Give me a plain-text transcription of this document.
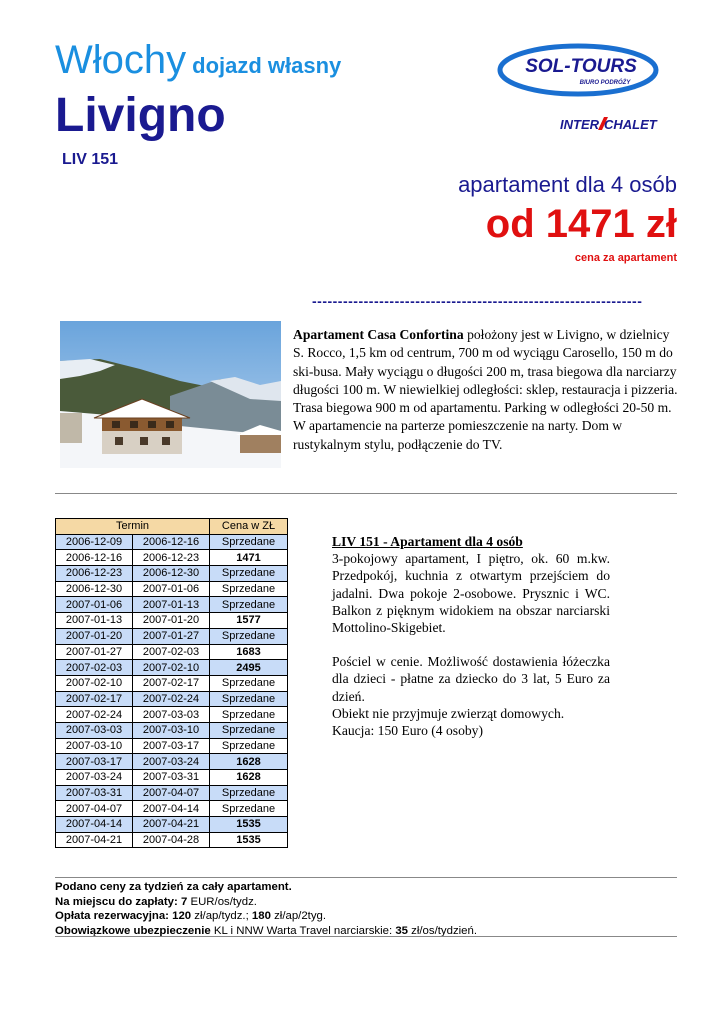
Włochy dojazd własny
Livigno
LIV 151
SOL-TOURS
BIURO PODRÓŻY
INTER CHALET
apartament dla 4 osób
od 1471 zł
cena za apartament
----------------------------------------------------------------
Apartament Casa Confortina położony jest w Livigno, w dzielnicy S. Rocco, 1,5 km od centrum, 700 m od wyciągu Carosello, 150 m do ski-busa. Mały wyciągu o długości 200 m, trasa biegowa dla narciarzy długości 100 m. W niewielkiej odległości: sklep, restauracja i pizzeria. Trasa biegowa 900 m od apartamentu. Parking w odległości 20-50 m. W apartamencie na parterze pomieszczenie na narty. Dom w rustykalnym stylu, podłączenie do TV.
Termin		Cena w ZŁ
2006-12-09	2006-12-16	Sprzedane
2006-12-16	2006-12-23	1471
2006-12-23	2006-12-30	Sprzedane
2006-12-30	2007-01-06	Sprzedane
2007-01-06	2007-01-13	Sprzedane
2007-01-13	2007-01-20	1577
2007-01-20	2007-01-27	Sprzedane
2007-01-27	2007-02-03	1683
2007-02-03	2007-02-10	2495
2007-02-10	2007-02-17	Sprzedane
2007-02-17	2007-02-24	Sprzedane
2007-02-24	2007-03-03	Sprzedane
2007-03-03	2007-03-10	Sprzedane
2007-03-10	2007-03-17	Sprzedane
2007-03-17	2007-03-24	1628
2007-03-24	2007-03-31	1628
2007-03-31	2007-04-07	Sprzedane
2007-04-07	2007-04-14	Sprzedane
2007-04-14	2007-04-21	1535
2007-04-21	2007-04-28	1535

LIV 151 - Apartament dla 4 osób

3-pokojowy apartament, I piętro, ok. 60 m.kw. Przedpokój, kuchnia z otwartym przejściem do jadalni. Dwa pokoje 2-osobowe. Prysznic i WC. Balkon z pięknym widokiem na obszar narciarski Mottolino-Skigebiet.

Pościel w cenie. Możliwość dostawienia łóżeczka dla dzieci - płatne za dziecko do 3 lat, 5 Euro za dzień.

Obiekt nie przyjmuje zwierząt domowych.

Kaucja: 150 Euro (4 osoby)

Podano ceny za tydzień za cały apartament.
Na miejscu do zapłaty: 7 EUR/os/tydz.
Opłata rezerwacyjna: 120 zł/ap/tydz.; 180 zł/ap/2tyg.
Obowiązkowe ubezpieczenie KL i NNW Warta Travel narciarskie: 35 zł/os/tydzień.
